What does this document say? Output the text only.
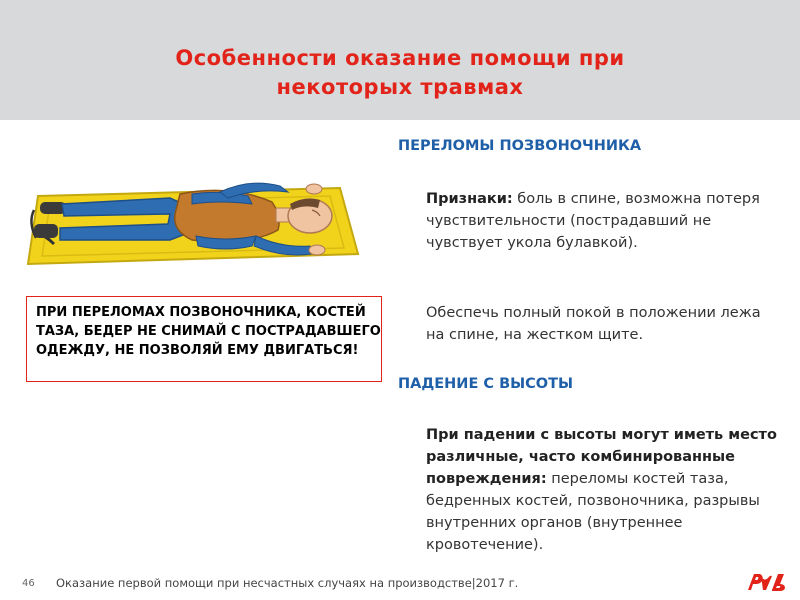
Особенности оказание помощи при
некоторых травмах
ПРИ ПЕРЕЛОМАХ ПОЗВОНОЧНИКА, КОСТЕЙ ТАЗА, БЕДЕР НЕ СНИМАЙ С ПОСТРАДАВШЕГО ОДЕЖДУ, НЕ ПОЗВОЛЯЙ ЕМУ ДВИГАТЬСЯ!
ПЕРЕЛОМЫ ПОЗВОНОЧНИКА
Признаки: боль в спине, возможна потеря чувствительности (пострадавший не чувствует укола булавкой).
Обеспечь полный покой в положении лежа на спине, на жестком щите.
ПАДЕНИЕ С ВЫСОТЫ
При падении с высоты могут иметь место различные, часто комбинированные повреждения: переломы костей таза, бедренных костей, позвоночника, разрывы внутренних органов (внутреннее кровотечение).
46 Оказание первой помощи при несчастных случаях на производстве|2017 г.
